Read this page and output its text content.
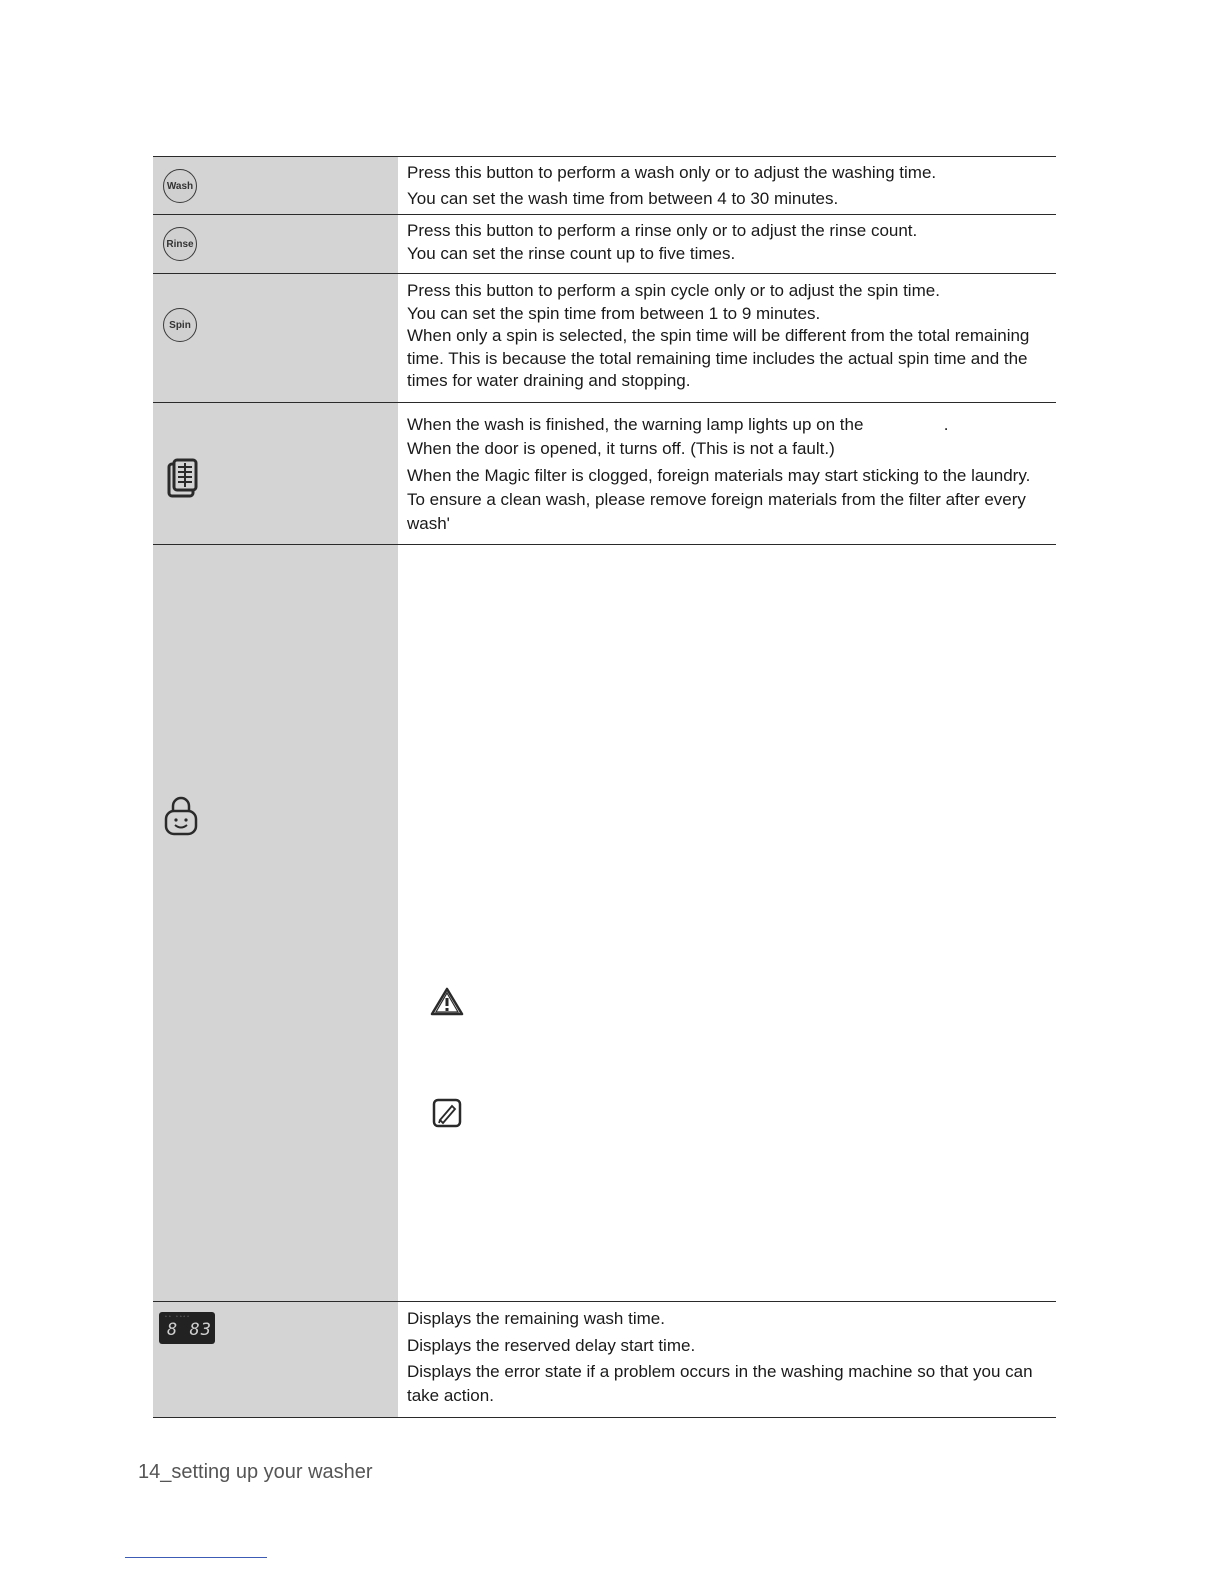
Wash

Press this button to perform a wash only or to adjust the washing time.

You can set the wash time from between 4 to 30 minutes.

Rinse

Press this button to perform a rinse only or to adjust the rinse count.

You can set the rinse count up to five times.

Spin

Press this button to perform a spin cycle only or to adjust the spin time.

You can set the spin time from between 1 to 9 minutes.

When only a spin is selected, the spin time will be different from the total remaining time. This is because the total remaining time includes the actual spin time and the times for water draining and stopping.

When the wash is finished, the warning lamp lights up on the                 .

When the door is opened, it turns off. (This is not a fault.)

When the Magic filter is clogged, foreign materials may start sticking to the laundry. To ensure a clean wash, please remove foreign materials from the filter after every wash'

▫▫ ▫▫▫▫
8 83

Displays the remaining wash time.

Displays the reserved delay start time.

Displays the error state if a problem occurs in the washing machine so that you can take action.

14_setting up your washer
